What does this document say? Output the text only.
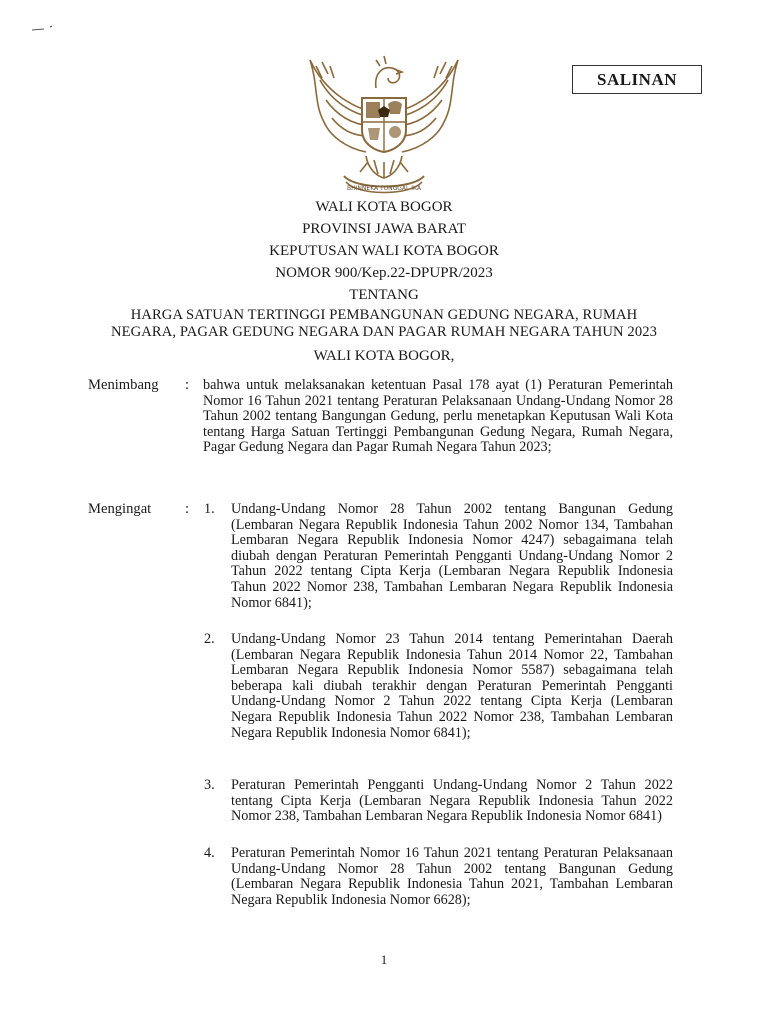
BHINNEKA TUNGGAL IKA
SALINAN
WALI KOTA BOGOR
PROVINSI JAWA BARAT
KEPUTUSAN WALI KOTA BOGOR
NOMOR 900/Kep.22-DPUPR/2023
TENTANG
HARGA SATUAN TERTINGGI PEMBANGUNAN GEDUNG NEGARA, RUMAH
NEGARA, PAGAR GEDUNG NEGARA DAN PAGAR RUMAH NEGARA TAHUN 2023
WALI KOTA BOGOR,
Menimbang : bahwa untuk melaksanakan ketentuan Pasal 178 ayat (1) Peraturan Pemerintah Nomor 16 Tahun 2021 tentang Peraturan Pelaksanaan Undang-Undang Nomor 28 Tahun 2002 tentang Bangungan Gedung, perlu menetapkan Keputusan Wali Kota tentang Harga Satuan Tertinggi Pembangunan Gedung Negara, Rumah Negara, Pagar Gedung Negara dan Pagar Rumah Negara Tahun 2023;
Mengingat : 1. Undang-Undang Nomor 28 Tahun 2002 tentang Bangunan Gedung (Lembaran Negara Republik Indonesia Tahun 2002 Nomor 134, Tambahan Lembaran Negara Republik Indonesia Nomor 4247) sebagaimana telah diubah dengan Peraturan Pemerintah Pengganti Undang-Undang Nomor 2 Tahun 2022 tentang Cipta Kerja (Lembaran Negara Republik Indonesia Tahun 2022 Nomor 238, Tambahan Lembaran Negara Republik Indonesia Nomor 6841);
2. Undang-Undang Nomor 23 Tahun 2014 tentang Pemerintahan Daerah (Lembaran Negara Republik Indonesia Tahun 2014 Nomor 22, Tambahan Lembaran Negara Republik Indonesia Nomor 5587) sebagaimana telah beberapa kali diubah terakhir dengan Peraturan Pemerintah Pengganti Undang-Undang Nomor 2 Tahun 2022 tentang Cipta Kerja (Lembaran Negara Republik Indonesia Tahun 2022 Nomor 238, Tambahan Lembaran Negara Republik Indonesia Nomor 6841);
3. Peraturan Pemerintah Pengganti Undang-Undang Nomor 2 Tahun 2022 tentang Cipta Kerja (Lembaran Negara Republik Indonesia Tahun 2022 Nomor 238, Tambahan Lembaran Negara Republik Indonesia Nomor 6841)
4. Peraturan Pemerintah Nomor 16 Tahun 2021 tentang Peraturan Pelaksanaan Undang-Undang Nomor 28 Tahun 2002 tentang Bangunan Gedung (Lembaran Negara Republik Indonesia Tahun 2021, Tambahan Lembaran Negara Republik Indonesia Nomor 6628);
1
